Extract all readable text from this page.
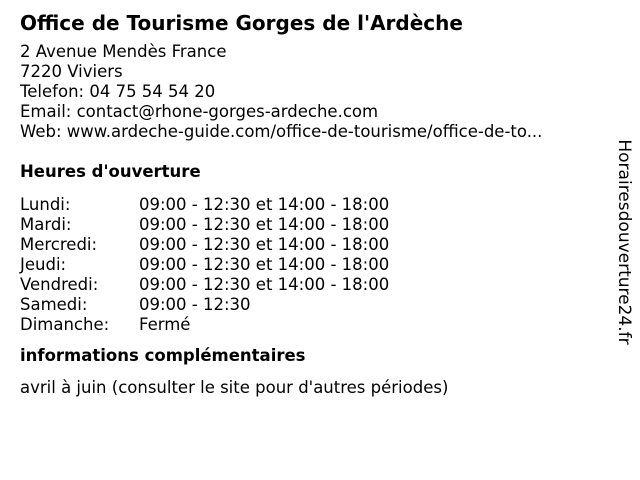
Office de Tourisme Gorges de l'Ardèche
2 Avenue Mendès France
7220 Viviers
Telefon: 04 75 54 54 20
Email: contact@rhone-gorges-ardeche.com
Web: www.ardeche-guide.com/office-de-tourisme/office-de-to...
Heures d'ouverture
Lundi:	09:00 - 12:30 et 14:00 - 18:00
Mardi:	09:00 - 12:30 et 14:00 - 18:00
Mercredi:	09:00 - 12:30 et 14:00 - 18:00
Jeudi:	09:00 - 12:30 et 14:00 - 18:00
Vendredi:	09:00 - 12:30 et 14:00 - 18:00
Samedi:	09:00 - 12:30
Dimanche:	Fermé
informations complémentaires
avril à juin (consulter le site pour d'autres périodes)
Horairesdouverture24.fr
